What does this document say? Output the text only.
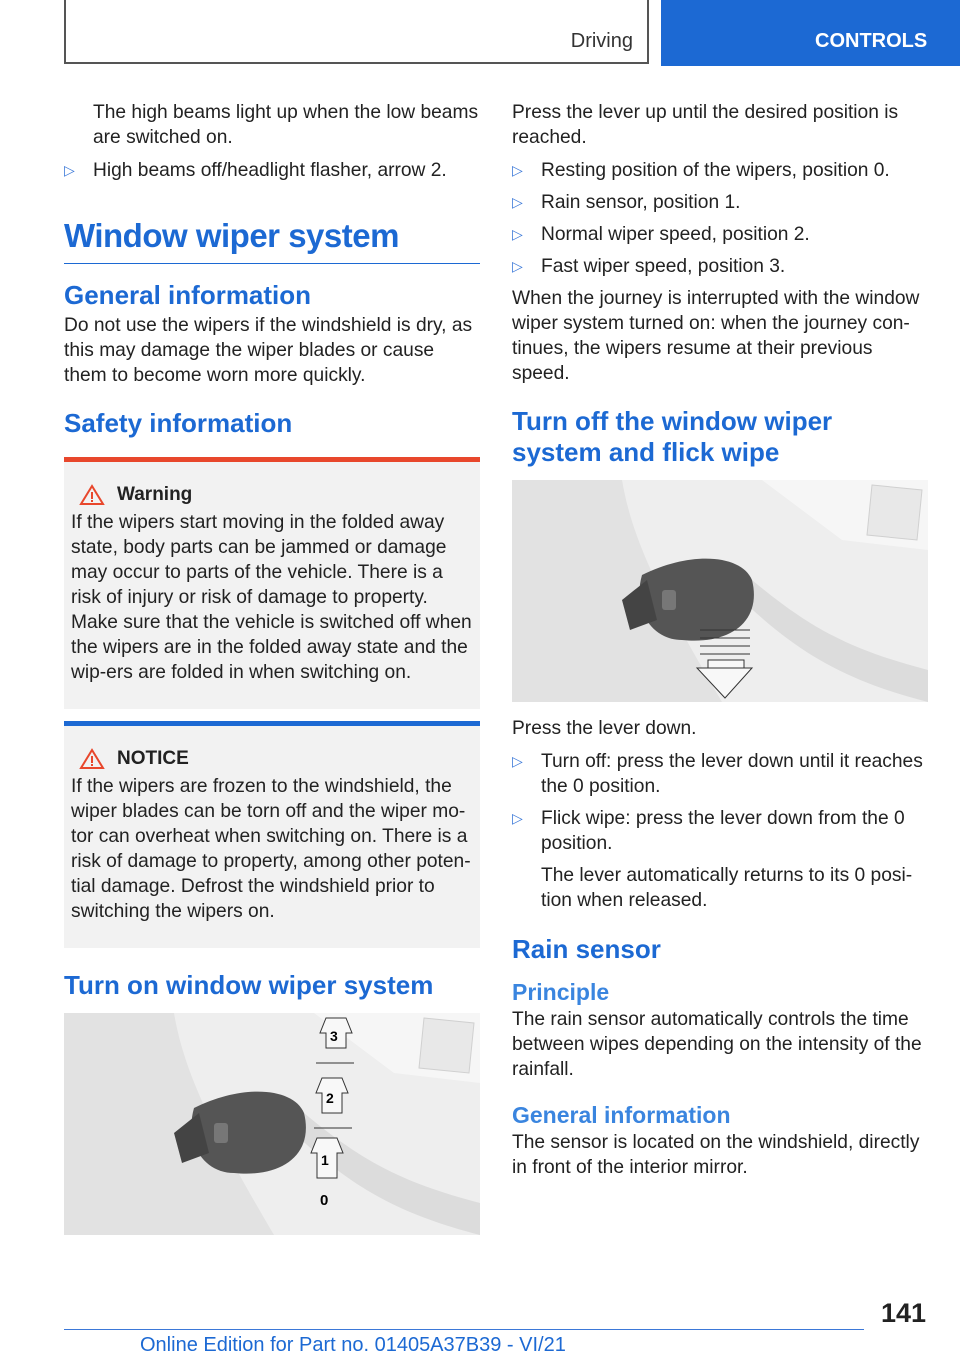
Driving	CONTROLS

The high beams light up when the low beams are switched on.

▷ High beams off/headlight flasher, arrow 2.
Window wiper system
General information

Do not use the wipers if the windshield is dry, as this may damage the wiper blades or cause them to become worn more quickly.

Safety information
Warning
If the wipers start moving in the folded away state, body parts can be jammed or damage may occur to parts of the vehicle. There is a risk of injury or risk of damage to property. Make sure that the vehicle is switched off when the wipers are in the folded away state and the wip-ers are folded in when switching on.
NOTICE
If the wipers are frozen to the windshield, the wiper blades can be torn off and the wiper mo-tor can overheat when switching on. There is a risk of damage to property, among other poten-tial damage. Defrost the windshield prior to switching the wipers on.
Turn on window wiper system
3
2
1
0

Press the lever up until the desired position is reached.

▷ Resting position of the wipers, position 0.
▷ Rain sensor, position 1.
▷ Normal wiper speed, position 2.
▷ Fast wiper speed, position 3.

When the journey is interrupted with the window wiper system turned on: when the journey con-tinues, the wipers resume at their previous speed.

Turn off the window wiper system and flick wipe

Press the lever down.

▷ Turn off: press the lever down until it reaches the 0 position.
▷ Flick wipe: press the lever down from the 0 position.

The lever automatically returns to its 0 posi-tion when released.

Rain sensor
Principle

The rain sensor automatically controls the time between wipes depending on the intensity of the rainfall.

General information

The sensor is located on the windshield, directly in front of the interior mirror.

141
Online Edition for Part no. 01405A37B39 - VI/21
